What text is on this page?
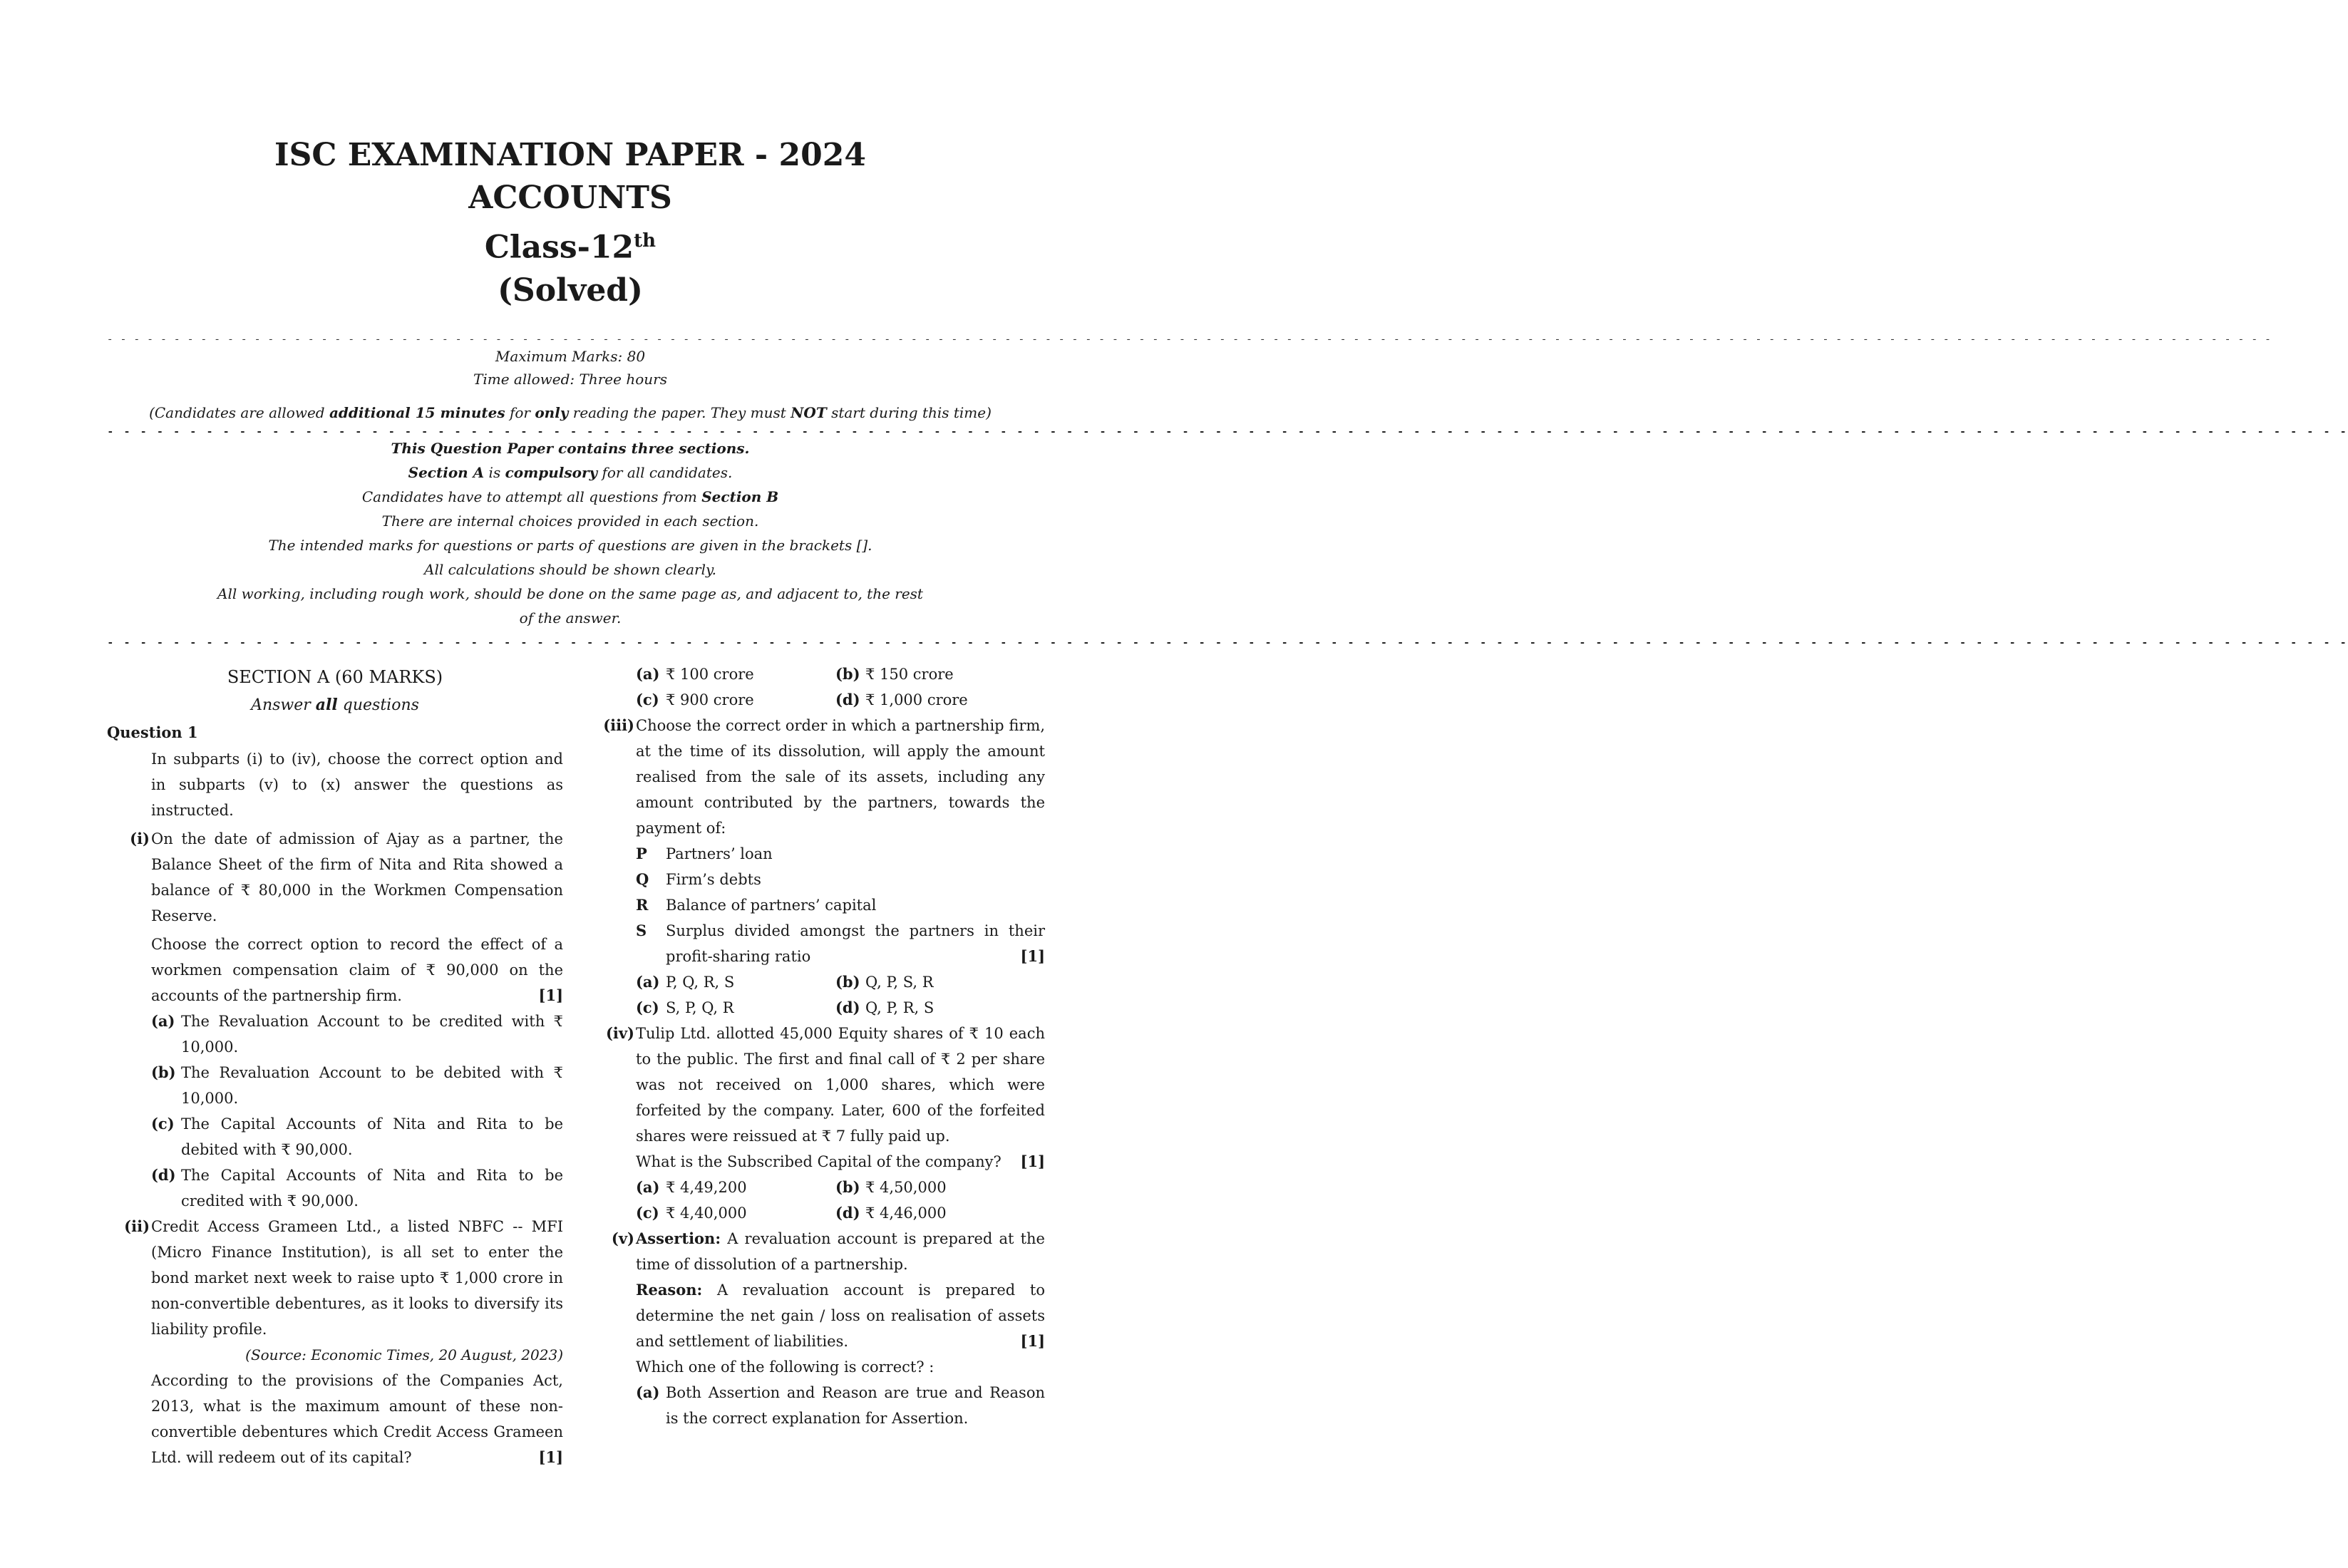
ISC EXAMINATION PAPER - 2024
ACCOUNTS
Class-12th
(Solved)
- - - - - - - - - - - - - - - - - - - - - - - - - - - - - - - - - - - - - - - - - - - - - - - - - - - - - - - - - - - - - - - - - - - - - - - - - - - - - - - - - - - - - - - - - - - - - - - - - - - - - - - - - - - - - - - - - - - - - - - - - - - - - - - - - - - - - - - - - - - - - - - - - - - - - - - - - - - - - - - - - -
Maximum Marks: 80
Time allowed: Three hours
(Candidates are allowed additional 15 minutes for only reading the paper. They must NOT start during this time)
- - - - - - - - - - - - - - - - - - - - - - - - - - - - - - - - - - - - - - - - - - - - - - - - - - - - - - - - - - - - - - - - - - - - - - - - - - - - - - - - - - - - - - - - - - - - - - - - - - - - - - - - - - - - - - - - - - - - - - - - - - - - - - - - - - - - - - - -
This Question Paper contains three sections.
Section A is compulsory for all candidates.
Candidates have to attempt all questions from Section B
There are internal choices provided in each section.
The intended marks for questions or parts of questions are given in the brackets [].
All calculations should be shown clearly.
All working, including rough work, should be done on the same page as, and adjacent to, the rest
of the answer.
- - - - - - - - - - - - - - - - - - - - - - - - - - - - - - - - - - - - - - - - - - - - - - - - - - - - - - - - - - - - - - - - - - - - - - - - - - - - - - - - - - - - - - - - - - - - - - - - - - - - - - - - - - - - - - - - - - - - - - - - - - - - - - - - - - - - - - - -
SECTION A (60 MARKS)
Answer all questions
Question 1
In subparts (i) to (iv), choose the correct option and in subparts (v) to (x) answer the questions as instructed.
(i) On the date of admission of Ajay as a partner, the Balance Sheet of the firm of Nita and Rita showed a balance of ₹ 80,000 in the Workmen Compensation Reserve.
Choose the correct option to record the effect of a workmen compensation claim of ₹ 90,000 on the accounts of the partnership firm.	[1]
(a) The Revaluation Account to be credited with ₹ 10,000.
(b) The Revaluation Account to be debited with ₹ 10,000.
(c) The Capital Accounts of Nita and Rita to be debited with ₹ 90,000.
(d) The Capital Accounts of Nita and Rita to be credited with ₹ 90,000.
(ii) Credit Access Grameen Ltd., a listed NBFC -- MFI (Micro Finance Institution), is all set to enter the bond market next week to raise upto ₹ 1,000 crore in non-convertible debentures, as it looks to diversify its liability profile.
(Source: Economic Times, 20 August, 2023)
According to the provisions of the Companies Act, 2013, what is the maximum amount of these non-convertible debentures which Credit Access Grameen Ltd. will redeem out of its capital?	[1]
(a) ₹ 100 crore	(b) ₹ 150 crore
(c) ₹ 900 crore	(d) ₹ 1,000 crore
(iii) Choose the correct order in which a partnership firm, at the time of its dissolution, will apply the amount realised from the sale of its assets, including any amount contributed by the partners, towards the payment of:
P Partners’ loan
Q Firm’s debts
R Balance of partners’ capital
S Surplus divided amongst the partners in their profit-sharing ratio	[1]
(a) P, Q, R, S	(b) Q, P, S, R
(c) S, P, Q, R	(d) Q, P, R, S
(iv) Tulip Ltd. allotted 45,000 Equity shares of ₹ 10 each to the public. The first and final call of ₹ 2 per share was not received on 1,000 shares, which were forfeited by the company. Later, 600 of the forfeited shares were reissued at ₹ 7 fully paid up.
What is the Subscribed Capital of the company? [1]
(a) ₹ 4,49,200	(b) ₹ 4,50,000
(c) ₹ 4,40,000	(d) ₹ 4,46,000
(v) Assertion: A revaluation account is prepared at the time of dissolution of a partnership.
Reason: A revaluation account is prepared to determine the net gain / loss on realisation of assets and settlement of liabilities.	[1]
Which one of the following is correct? :
(a) Both Assertion and Reason are true and Reason is the correct explanation for Assertion.
